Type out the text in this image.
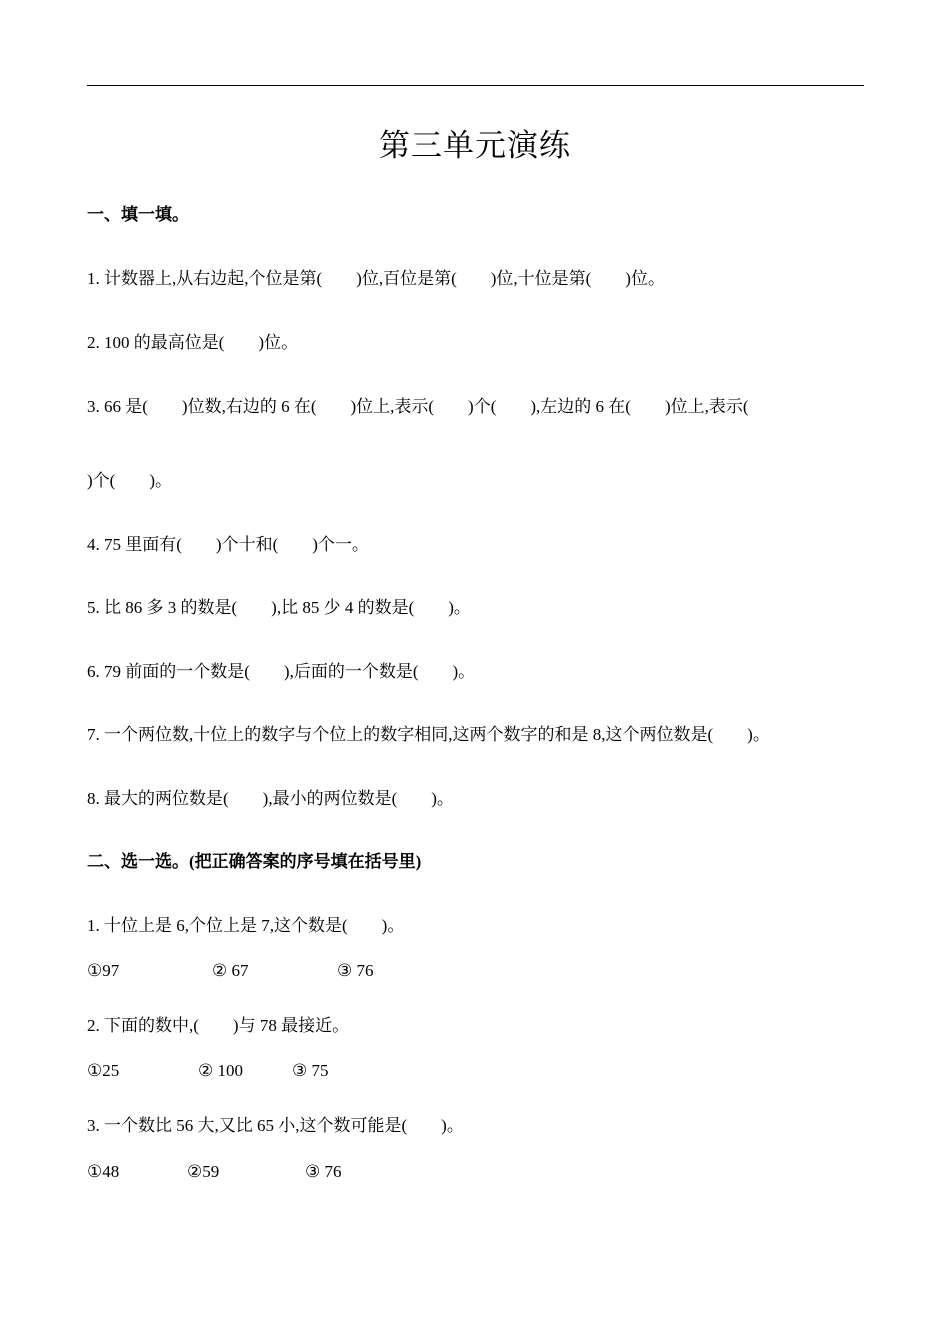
第三单元演练
一、填一填。
1. 计数器上,从右边起,个位是第(　　)位,百位是第(　　)位,十位是第(　　)位。
2. 100 的最高位是(　　)位。
3. 66 是(　　)位数,右边的 6 在(　　)位上,表示(　　)个(　　),左边的 6 在(　　)位上,表示(
)个(　　)。
4. 75 里面有(　　)个十和(　　)个一。
5. 比 86 多 3 的数是(　　),比 85 少 4 的数是(　　)。
6. 79 前面的一个数是(　　),后面的一个数是(　　)。
7. 一个两位数,十位上的数字与个位上的数字相同,这两个数字的和是 8,这个两位数是(　　)。
8. 最大的两位数是(　　),最小的两位数是(　　)。
二、选一选。(把正确答案的序号填在括号里)
1. 十位上是 6,个位上是 7,这个数是(　　)。
①97	② 67	③ 76
2. 下面的数中,(　　)与 78 最接近。
①25	② 100	③ 75
3. 一个数比 56 大,又比 65 小,这个数可能是(　　)。
①48	②59	③ 76
